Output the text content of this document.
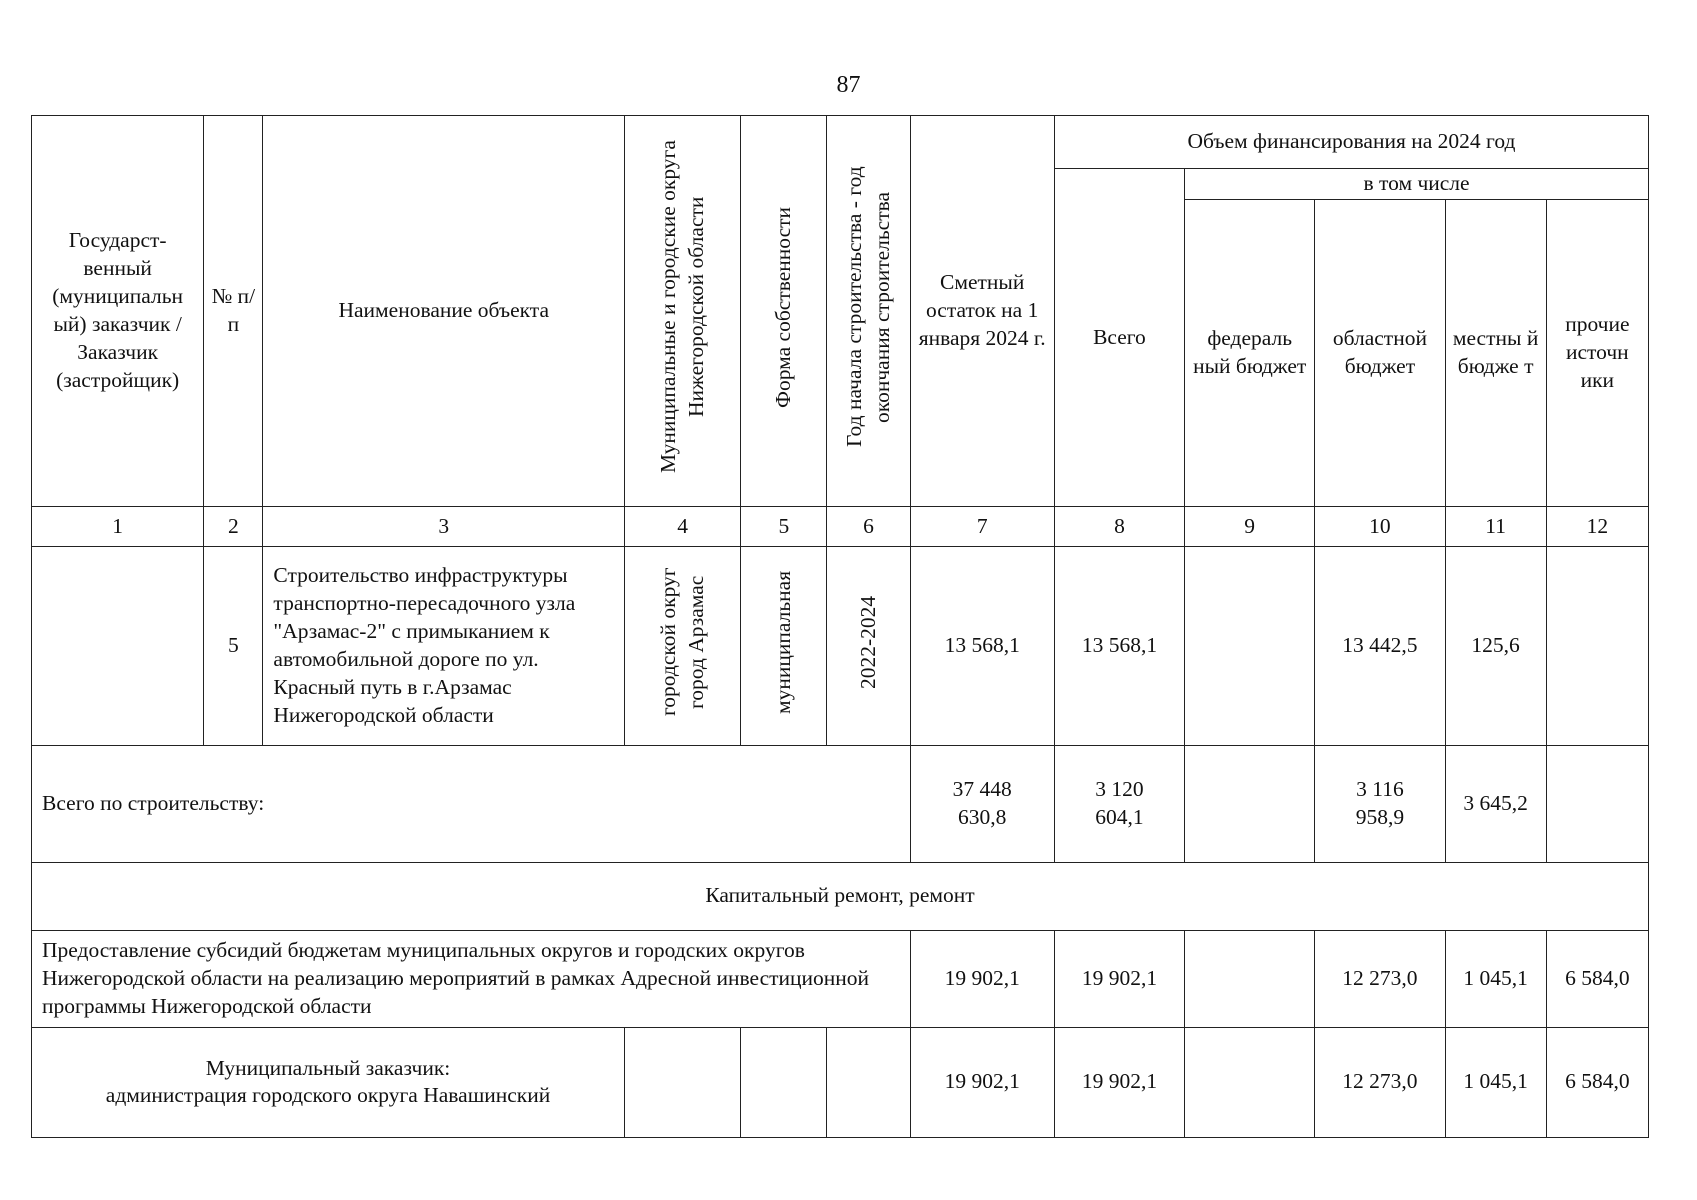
87
Государст-венный (муниципальн ый) заказчик / Заказчик (застройщик)	№ п/п	Наименование объекта	Муниципальные и городские округа Нижегородской области	Форма собственности	Год начала строительства - год окончания строительства	Сметный остаток на 1 января 2024 г.	Объем финансирования на 2024 год				
							Всего	в том числе			
								федераль ный бюджет	областной бюджет	местны й бюдже т	прочие источн ики
1	2	3	4	5	6	7	8	9	10	11	12
	5	Строительство инфраструктуры транспортно-пересадочного узла "Арзамас-2" с примыканием к автомобильной дороге по ул. Красный путь в г.Арзамас Нижегородской области	городской округ город Арзамас	муниципальная	2022-2024	13 568,1	13 568,1		13 442,5	125,6	
Всего по строительству:						37 448 630,8	3 120 604,1		3 116 958,9	3 645,2	
Капитальный ремонт, ремонт											
Предоставление субсидий бюджетам муниципальных округов и городских округов Нижегородской области на реализацию мероприятий в рамках Адресной инвестиционной программы Нижегородской области						19 902,1	19 902,1		12 273,0	1 045,1	6 584,0

Муниципальный заказчик:
администрация городского округа Навашинский						19 902,1	19 902,1		12 273,0	1 045,1	6 584,0
